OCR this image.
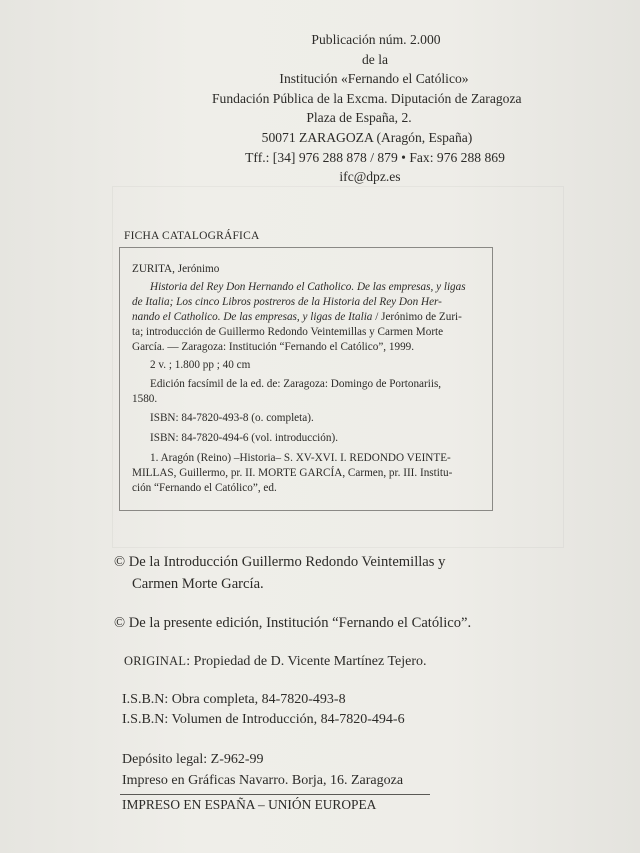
Publicación núm. 2.000
de la
Institución «Fernando el Católico»
Fundación Pública de la Excma. Diputación de Zaragoza
Plaza de España, 2.
50071 ZARAGOZA (Aragón, España)
Tff.: [34] 976 288 878 / 879 • Fax: 976 288 869
ifc@dpz.es
FICHA CATALOGRÁFICA
ZURITA, Jerónimo
Historia del Rey Don Hernando el Catholico. De las empresas, y ligas
de Italia; Los cinco Libros postreros de la Historia del Rey Don Her-
nando el Catholico. De las empresas, y ligas de Italia / Jerónimo de Zuri-
ta; introducción de Guillermo Redondo Veintemillas y Carmen Morte
García. — Zaragoza: Institución “Fernando el Católico”, 1999.
2 v. ; 1.800 pp ; 40 cm
Edición facsímil de la ed. de: Zaragoza: Domingo de Portonariis,
1580.
ISBN: 84-7820-493-8 (o. completa).
ISBN: 84-7820-494-6 (vol. introducción).
1. Aragón (Reino) –Historia– S. XV-XVI. I. REDONDO VEINTE-
MILLAS, Guillermo, pr. II. MORTE GARCÍA, Carmen, pr. III. Institu-
ción “Fernando el Católico”, ed.
© De la Introducción Guillermo Redondo Veintemillas y
Carmen Morte García.
© De la presente edición, Institución “Fernando el Católico”.
ORIGINAL: Propiedad de D. Vicente Martínez Tejero.
I.S.B.N: Obra completa, 84-7820-493-8
I.S.B.N: Volumen de Introducción, 84-7820-494-6
Depósito legal: Z-962-99
Impreso en Gráficas Navarro. Borja, 16. Zaragoza
IMPRESO EN ESPAÑA – UNIÓN EUROPEA
